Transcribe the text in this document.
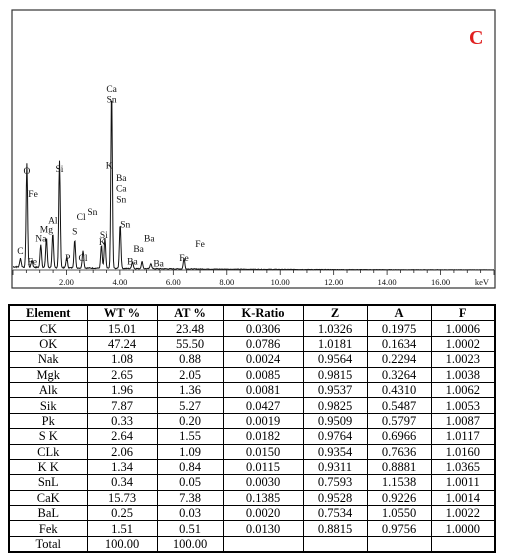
2.00	4.00	6.00	8.00	10.00	12.00	14.00	16.00	keV
Ca
Sn
O
Fe
Si	K
Ba
Ca
Sn
Sn
Cl
Al
Mg
Na
S
Sn
Si
K	Ba
Ba
Fe
C
Fe	P Cl	Ba Ba
Fe
C
Element	WT %	AT %	K-Ratio	Z	A	F
CK	15.01	23.48	0.0306	1.0326	0.1975	1.0006
OK	47.24	55.50	0.0786	1.0181	0.1634	1.0002
Nak	1.08	0.88	0.0024	0.9564	0.2294	1.0023
Mgk	2.65	2.05	0.0085	0.9815	0.3264	1.0038
Alk	1.96	1.36	0.0081	0.9537	0.4310	1.0062
Sik	7.87	5.27	0.0427	0.9825	0.5487	1.0053
Pk	0.33	0.20	0.0019	0.9509	0.5797	1.0087
S K	2.64	1.55	0.0182	0.9764	0.6966	1.0117
CLk	2.06	1.09	0.0150	0.9354	0.7636	1.0160
K K	1.34	0.84	0.0115	0.9311	0.8881	1.0365
SnL	0.34	0.05	0.0030	0.7593	1.1538	1.0011
CaK	15.73	7.38	0.1385	0.9528	0.9226	1.0014
BaL	0.25	0.03	0.0020	0.7534	1.0550	1.0022
Fek	1.51	0.51	0.0130	0.8815	0.9756	1.0000
Total	100.00	100.00				
